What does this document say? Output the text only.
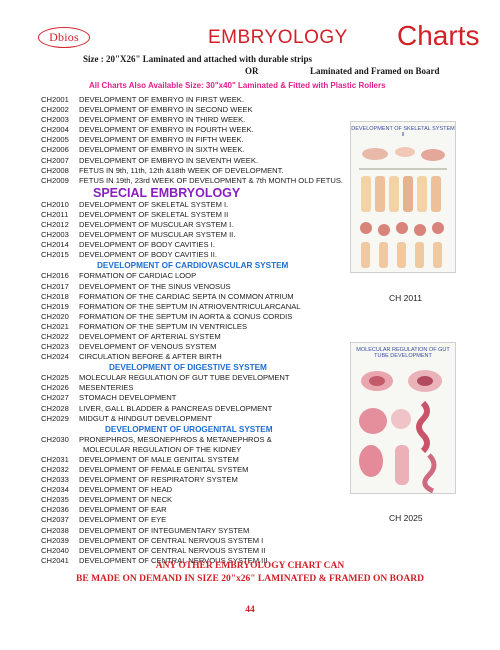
Dbios	EMBRYOLOGY Charts
Size : 20"X26" Laminated and attached with durable strips
OR	Laminated and Framed on Board
All Charts Also Available Size: 30"x40" Laminated & Fitted with Plastic Rollers
CH2001	DEVELOPMENT OF EMBRYO IN FIRST WEEK.
CH2002	DEVELOPMENT OF EMBRYO IN SECOND WEEK
CH2003	DEVELOPMENT OF EMBRYO IN THIRD WEEK.
CH2004	DEVELOPMENT OF EMBRYO IN FOURTH WEEK.
CH2005	DEVELOPMENT OF EMBRYO IN FIFTH WEEK.
CH2006	DEVELOPMENT OF EMBRYO IN SIXTH WEEK.
CH2007	DEVELOPMENT OF EMBRYO IN SEVENTH WEEK.
CH2008	FETUS IN 9th, 11th, 12th &18th WEEK OF DEVELOPMENT.
CH2009	FETUS IN 19th, 23rd WEEK OF DEVELOPMENT & 7th MONTH OLD FETUS.
SPECIAL EMBRYOLOGY
CH2010	DEVELOPMENT OF SKELETAL SYSTEM I.
CH2011	DEVELOPMENT OF SKELETAL SYSTEM II
CH2012	DEVELOPMENT OF MUSCULAR SYSTEM I.
CH2003	DEVELOPMENT OF MUSCULAR SYSTEM II.
CH2014	DEVELOPMENT OF BODY CAVITIES I.
CH2015	DEVELOPMENT OF BODY CAVITIES II.
DEVELOPMENT OF CARDIOVASCULAR SYSTEM
CH2016	FORMATION OF CARDIAC LOOP
CH2017	DEVELOPMENT OF THE SINUS VENOSUS
CH2018	FORMATION OF THE CARDIAC SEPTA IN COMMON ATRIUM
CH2019	FORMATION OF THE SEPTUM IN ATRIOVENTRICULARCANAL
CH2020	FORMATION OF THE SEPTUM IN AORTA & CONUS CORDIS
CH2021	FORMATION OF THE SEPTUM IN VENTRICLES
CH2022	DEVELOPMENT OF ARTERIAL SYSTEM
CH2023	DEVELOPMENT OF VENOUS SYSTEM
CH2024	CIRCULATION BEFORE & AFTER BIRTH
DEVELOPMENT OF DIGESTIVE SYSTEM
CH2025	MOLECULAR REGULATION OF GUT TUBE DEVELOPMENT
CH2026	MESENTERIES
CH2027	STOMACH DEVELOPMENT
CH2028	LIVER, GALL BLADDER & PANCREAS DEVELOPMENT
CH2029	MIDGUT & HINDGUT DEVELOPMENT
DEVELOPMENT OF UROGENITAL SYSTEM
CH2030	PRONEPHROS, MESONEPHROS & METANEPHROS &
MOLECULAR REGULATION OF THE KIDNEY
CH2031	DEVELOPMENT OF MALE GENITAL SYSTEM
CH2032	DEVELOPMENT OF FEMALE GENITAL SYSTEM
CH2033	DEVELOPMENT OF RESPIRATORY SYSTEM
CH2034	DEVELOPMENT OF HEAD
CH2035	DEVELOPMENT OF NECK
CH2036	DEVELOPMENT OF EAR
CH2037	DEVELOPMENT OF EYE
CH2038	DEVELOPMENT OF INTEGUMENTARY SYSTEM
CH2039	DEVELOPMENT OF CENTRAL NERVOUS SYSTEM I
CH2040	DEVELOPMENT OF CENTRAL NERVOUS SYSTEM II
CH2041	DEVELOPMENT OF CENTRAL NERVOUS SYSTEM III
DEVELOPMENT OF SKELETAL SYSTEM II
CH 2011
MOLECULAR REGULATION OF GUT TUBE DEVELOPMENT
CH 2025
ANY OTHER EMBRYOLOGY CHART CAN
BE MADE ON DEMAND IN SIZE 20"x26" LAMINATED & FRAMED ON BOARD
44
